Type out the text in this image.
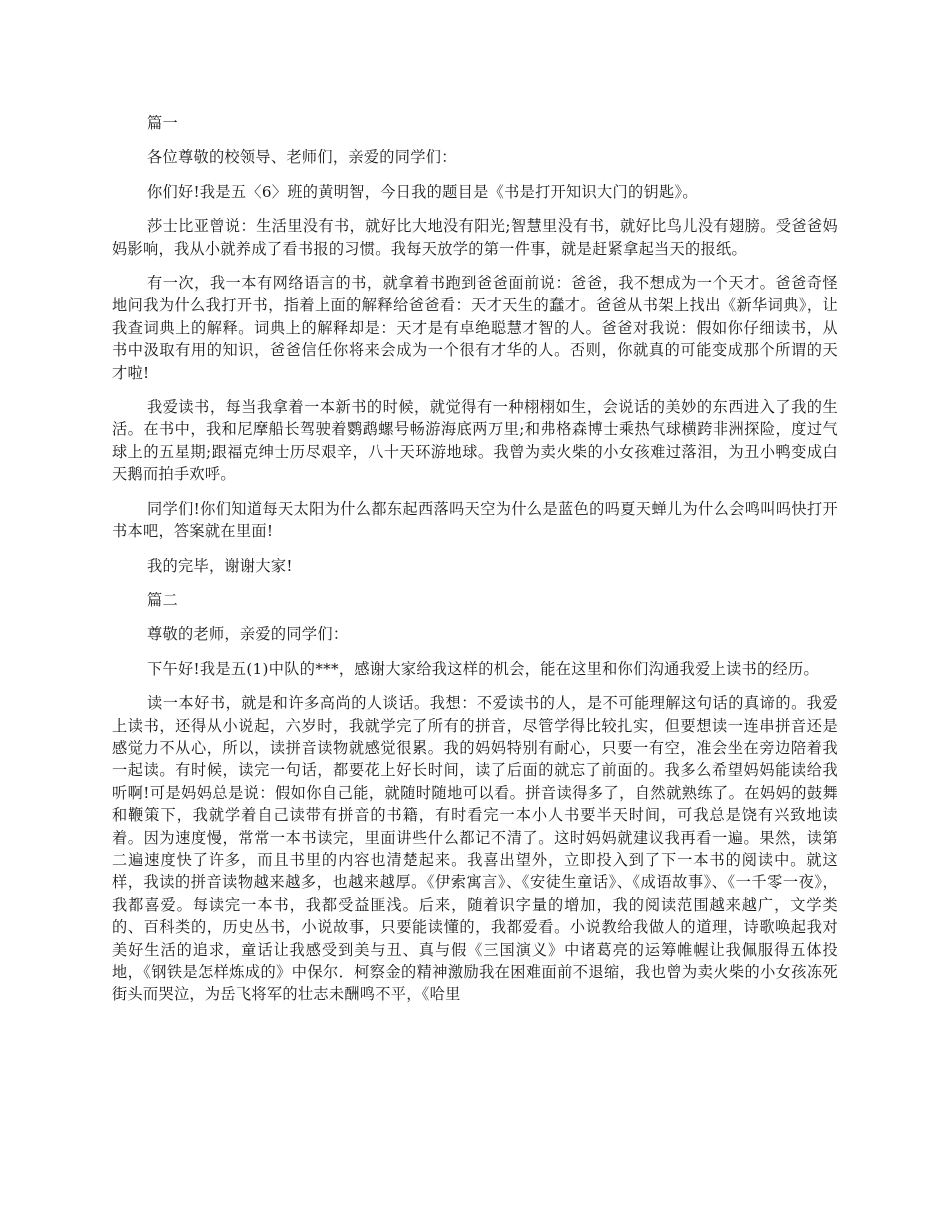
篇一

各位尊敬的校领导、老师们，亲爱的同学们：

你们好!我是五〈6〉班的黄明智，今日我的题目是《书是打开知识大门的钥匙》。

莎士比亚曾说：生活里没有书，就好比大地没有阳光;智慧里没有书，就好比鸟儿没有翅膀。受爸爸妈妈影响，我从小就养成了看书报的习惯。我每天放学的第一件事，就是赶紧拿起当天的报纸。

有一次，我一本有网络语言的书，就拿着书跑到爸爸面前说：爸爸，我不想成为一个天才。爸爸奇怪地问我为什么我打开书，指着上面的解释给爸爸看：天才天生的蠢才。爸爸从书架上找出《新华词典》，让我查词典上的解释。词典上的解释却是：天才是有卓绝聪慧才智的人。爸爸对我说：假如你仔细读书，从书中汲取有用的知识，爸爸信任你将来会成为一个很有才华的人。否则，你就真的可能变成那个所谓的天才啦!

我爱读书，每当我拿着一本新书的时候，就觉得有一种栩栩如生，会说话的美妙的东西进入了我的生活。在书中，我和尼摩船长驾驶着鹦鹉螺号畅游海底两万里;和弗格森博士乘热气球横跨非洲探险，度过气球上的五星期;跟福克绅士历尽艰辛，八十天环游地球。我曾为卖火柴的小女孩难过落泪，为丑小鸭变成白天鹅而拍手欢呼。

同学们!你们知道每天太阳为什么都东起西落吗天空为什么是蓝色的吗夏天蝉儿为什么会鸣叫吗快打开书本吧，答案就在里面!

我的完毕，谢谢大家!

篇二

尊敬的老师，亲爱的同学们：

下午好!我是五(1)中队的***，感谢大家给我这样的机会，能在这里和你们沟通我爱上读书的经历。

读一本好书，就是和许多高尚的人谈话。我想：不爱读书的人，是不可能理解这句话的真谛的。我爱上读书，还得从小说起，六岁时，我就学完了所有的拼音，尽管学得比较扎实，但要想读一连串拼音还是感觉力不从心，所以，读拼音读物就感觉很累。我的妈妈特别有耐心，只要一有空，准会坐在旁边陪着我一起读。有时候，读完一句话，都要花上好长时间，读了后面的就忘了前面的。我多么希望妈妈能读给我听啊!可是妈妈总是说：假如你自己能，就随时随地可以看。拼音读得多了，自然就熟练了。在妈妈的鼓舞和鞭策下，我就学着自己读带有拼音的书籍，有时看完一本小人书要半天时间，可我总是饶有兴致地读着。因为速度慢，常常一本书读完，里面讲些什么都记不清了。这时妈妈就建议我再看一遍。果然，读第二遍速度快了许多，而且书里的内容也清楚起来。我喜出望外，立即投入到了下一本书的阅读中。就这样，我读的拼音读物越来越多，也越来越厚。《伊索寓言》、《安徒生童话》、《成语故事》、《一千零一夜》，我都喜爱。每读完一本书，我都受益匪浅。后来，随着识字量的增加，我的阅读范围越来越广，文学类的、百科类的，历史丛书，小说故事，只要能读懂的，我都爱看。小说教给我做人的道理，诗歌唤起我对美好生活的追求，童话让我感受到美与丑、真与假《三国演义》中诸葛亮的运筹帷幄让我佩服得五体投地，《钢铁是怎样炼成的》中保尔．柯察金的精神激励我在困难面前不退缩，我也曾为卖火柴的小女孩冻死街头而哭泣，为岳飞将军的壮志未酬鸣不平，《哈里
